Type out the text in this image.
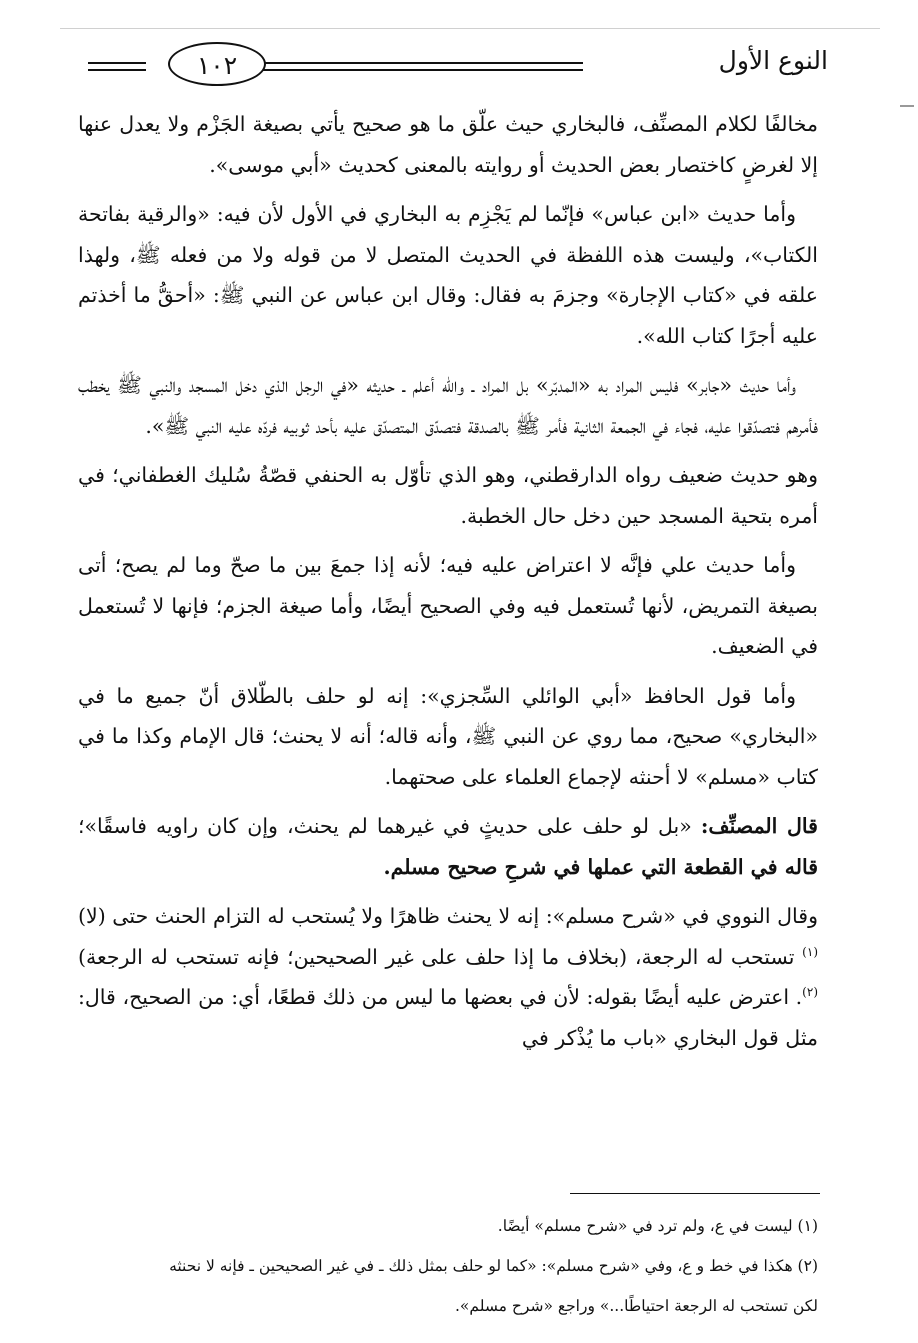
١٠٢	النوع الأول

مخالفًا لكلام المصنِّف، فالبخاري حيث علّق ما هو صحيح يأتي بصيغة الجَزْم ولا يعدل عنها إلا لغرضٍ كاختصار بعض الحديث أو روايته بالمعنى كحديث «أبي موسى».

وأما حديث «ابن عباس» فإنّما لم يَجْزِم به البخاري في الأول لأن فيه: «والرقية بفاتحة الكتاب»، وليست هذه اللفظة في الحديث المتصل لا من قوله ولا من فعله ﷺ، ولهذا علقه في «كتاب الإجارة» وجزمَ به فقال: وقال ابن عباس عن النبي ﷺ: «أحقُّ ما أخذتم عليه أجرًا كتاب الله».

وأما حديث «جابر» فليس المراد به «المدبّر» بل المراد ـ والله أعلم ـ حديثه «في الرجل الذي دخل المسجد والنبي ﷺ يخطب فأمرهم فتصدّقوا عليه، فجاء في الجمعة الثانية فأمر ﷺ بالصدقة فتصدّق المتصدّق عليه بأحد ثوبيه فردّه عليه النبي ﷺ».

وهو حديث ضعيف رواه الدارقطني، وهو الذي تأوّل به الحنفي قصّةُ سُليك الغطفاني؛ في أمره بتحية المسجد حين دخل حال الخطبة.

وأما حديث علي فإنَّه لا اعتراض عليه فيه؛ لأنه إذا جمعَ بين ما صحّ وما لم يصح؛ أتى بصيغة التمريض، لأنها تُستعمل فيه وفي الصحيح أيضًا، وأما صيغة الجزم؛ فإنها لا تُستعمل في الضعيف.

وأما قول الحافظ «أبي الوائلي السِّجزي»: إنه لو حلف بالطّلاق أنّ جميع ما في «البخاري» صحيح، مما روي عن النبي ﷺ، وأنه قاله؛ أنه لا يحنث؛ قال الإمام وكذا ما في كتاب «مسلم» لا أحنثه لإجماع العلماء على صحتهما.

قال المصنِّف: «بل لو حلف على حديثٍ في غيرهما لم يحنث، وإن كان راويه فاسقًا»؛ قاله في القطعة التي عملها في شرحِ صحيح مسلم.

وقال النووي في «شرح مسلم»: إنه لا يحنث ظاهرًا ولا يُستحب له التزام الحنث حتى (لا)$^{(١)}$ تستحب له الرجعة، (بخلاف ما إذا حلف على غير الصحيحين؛ فإنه تستحب له الرجعة)$^{(٢)}$. اعترض عليه أيضًا بقوله: لأن في بعضها ما ليس من ذلك قطعًا، أي: من الصحيح، قال: مثل قول البخاري «باب ما يُذْكر في

(١) ليست في ع، ولم ترد في «شرح مسلم» أيضًا.

(٢) هكذا في خط و ع، وفي «شرح مسلم»: «كما لو حلف بمثل ذلك ـ في غير الصحيحين ـ فإنه لا نحنثه

لكن تستحب له الرجعة احتياطًا...» وراجع «شرح مسلم».
